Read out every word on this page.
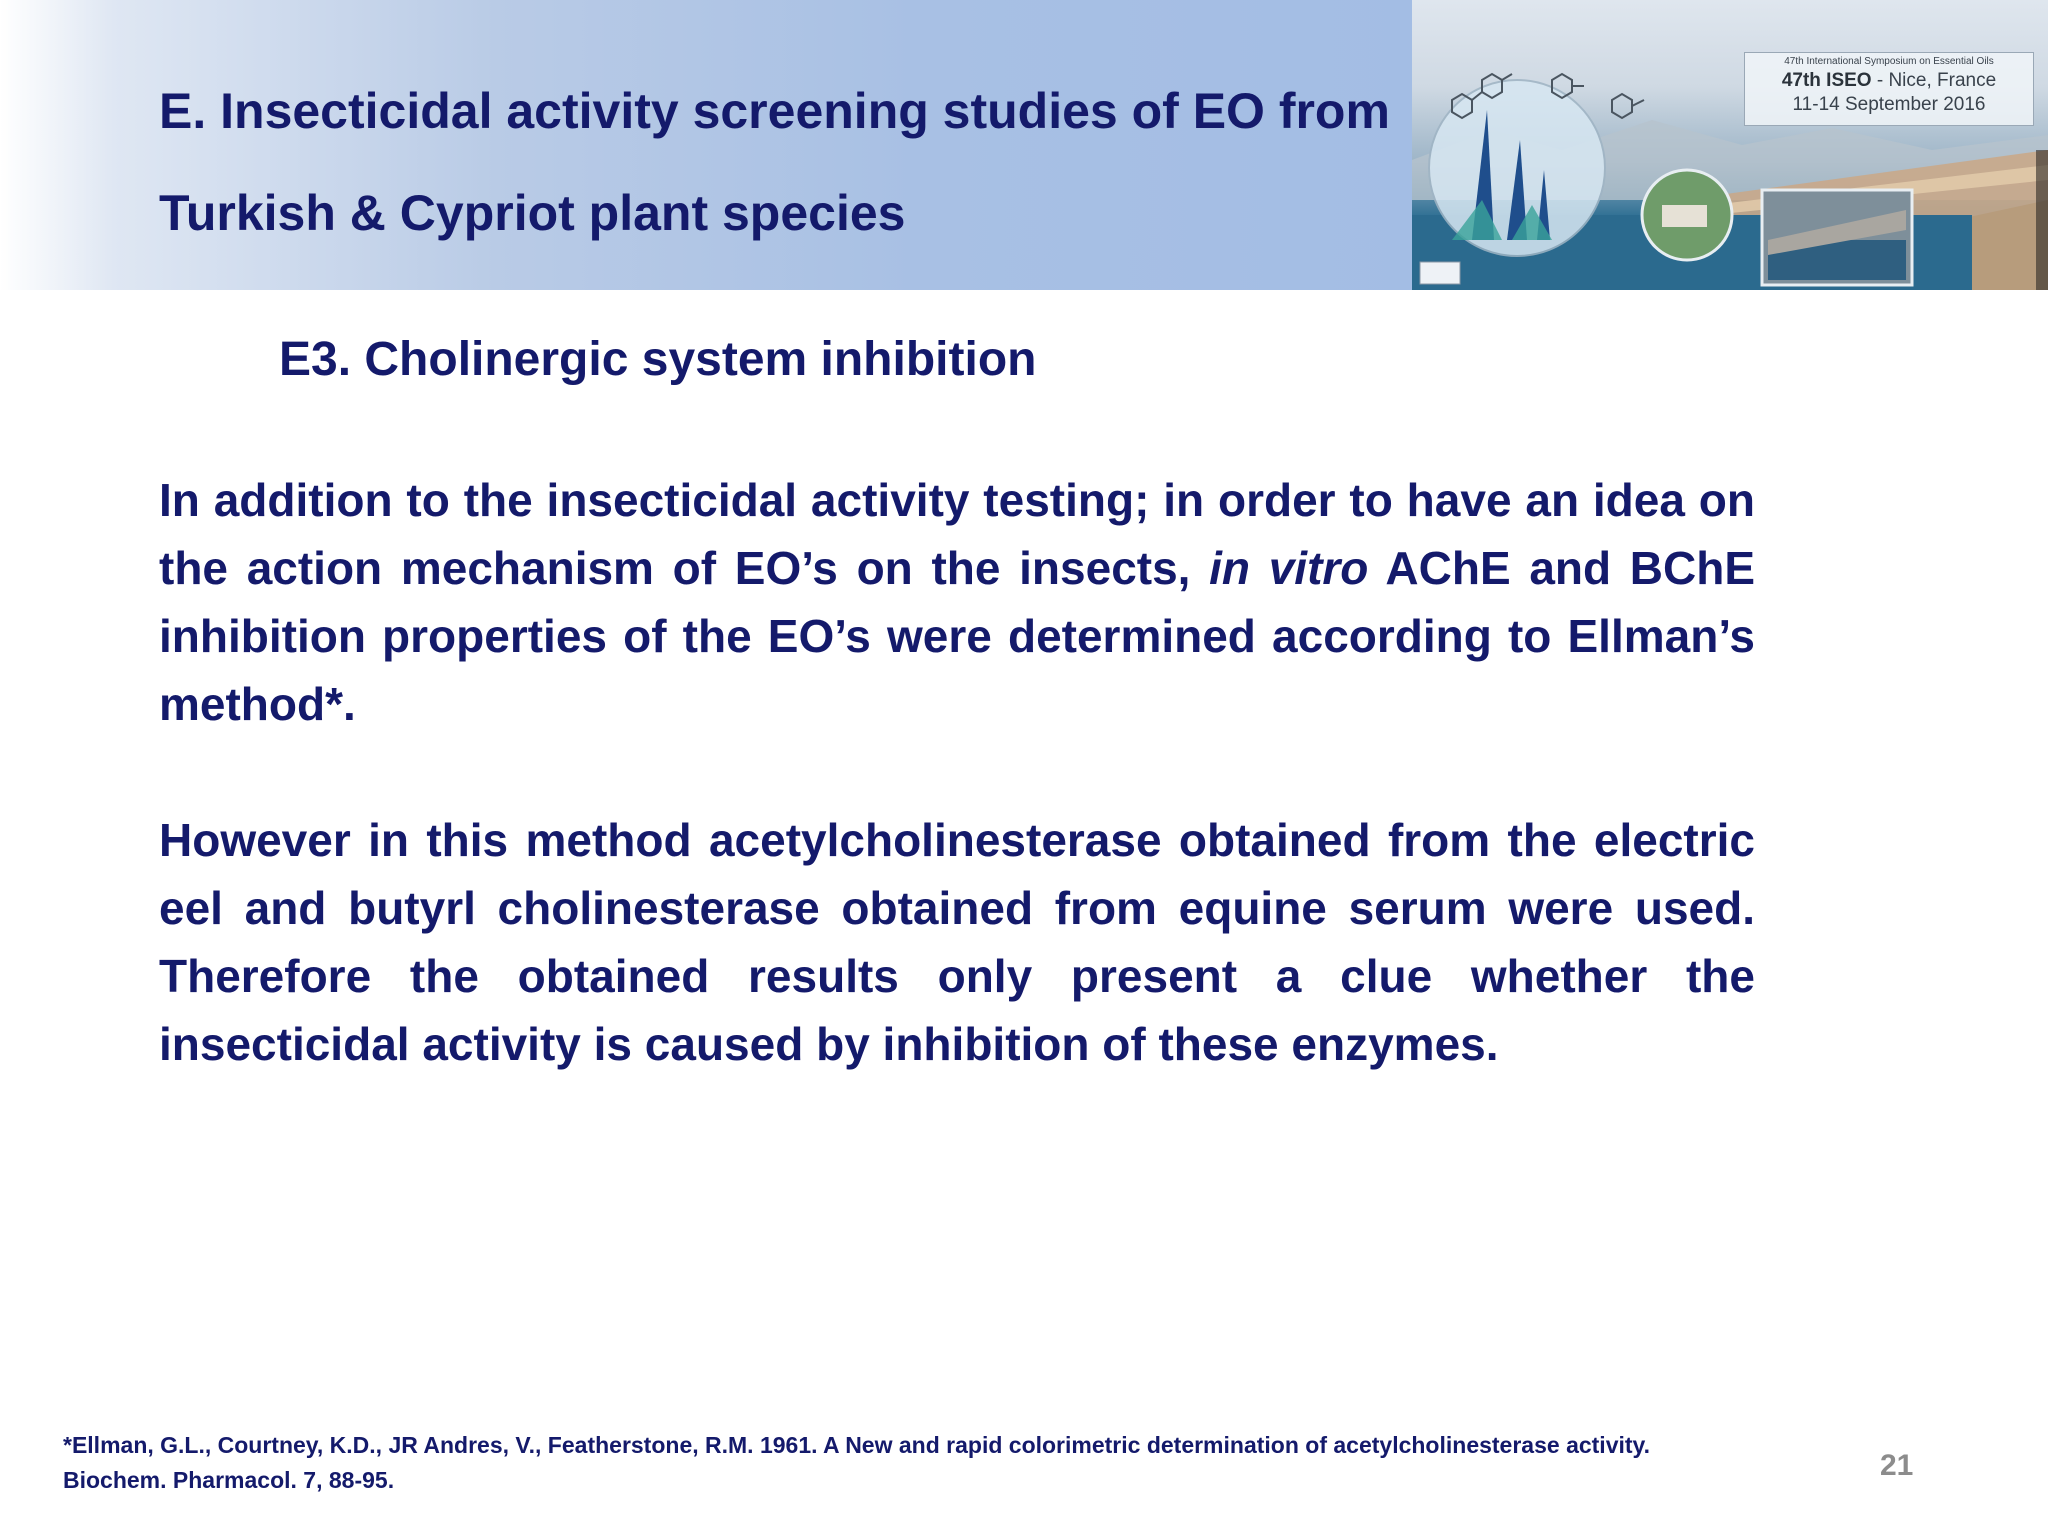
E. Insecticidal activity screening studies of EO from
Turkish & Cypriot plant species
47th International Symposium on Essential Oils
47th ISEO - Nice, France
11-14 September 2016
E3. Cholinergic system inhibition

In addition to the insecticidal activity testing; in order to have an idea on the action mechanism of EO’s on the insects, in vitro AChE and BChE inhibition properties of the EO’s were determined according to Ellman’s method*.

However in this method acetylcholinesterase obtained from the electric eel and butyrl cholinesterase obtained from equine serum were used. Therefore the obtained results only present a clue whether the insecticidal activity is caused by inhibition of these enzymes.

*Ellman, G.L., Courtney, K.D., JR Andres, V., Featherstone, R.M. 1961. A New and rapid colorimetric determination of acetylcholinesterase activity.
Biochem. Pharmacol. 7, 88-95.	21
